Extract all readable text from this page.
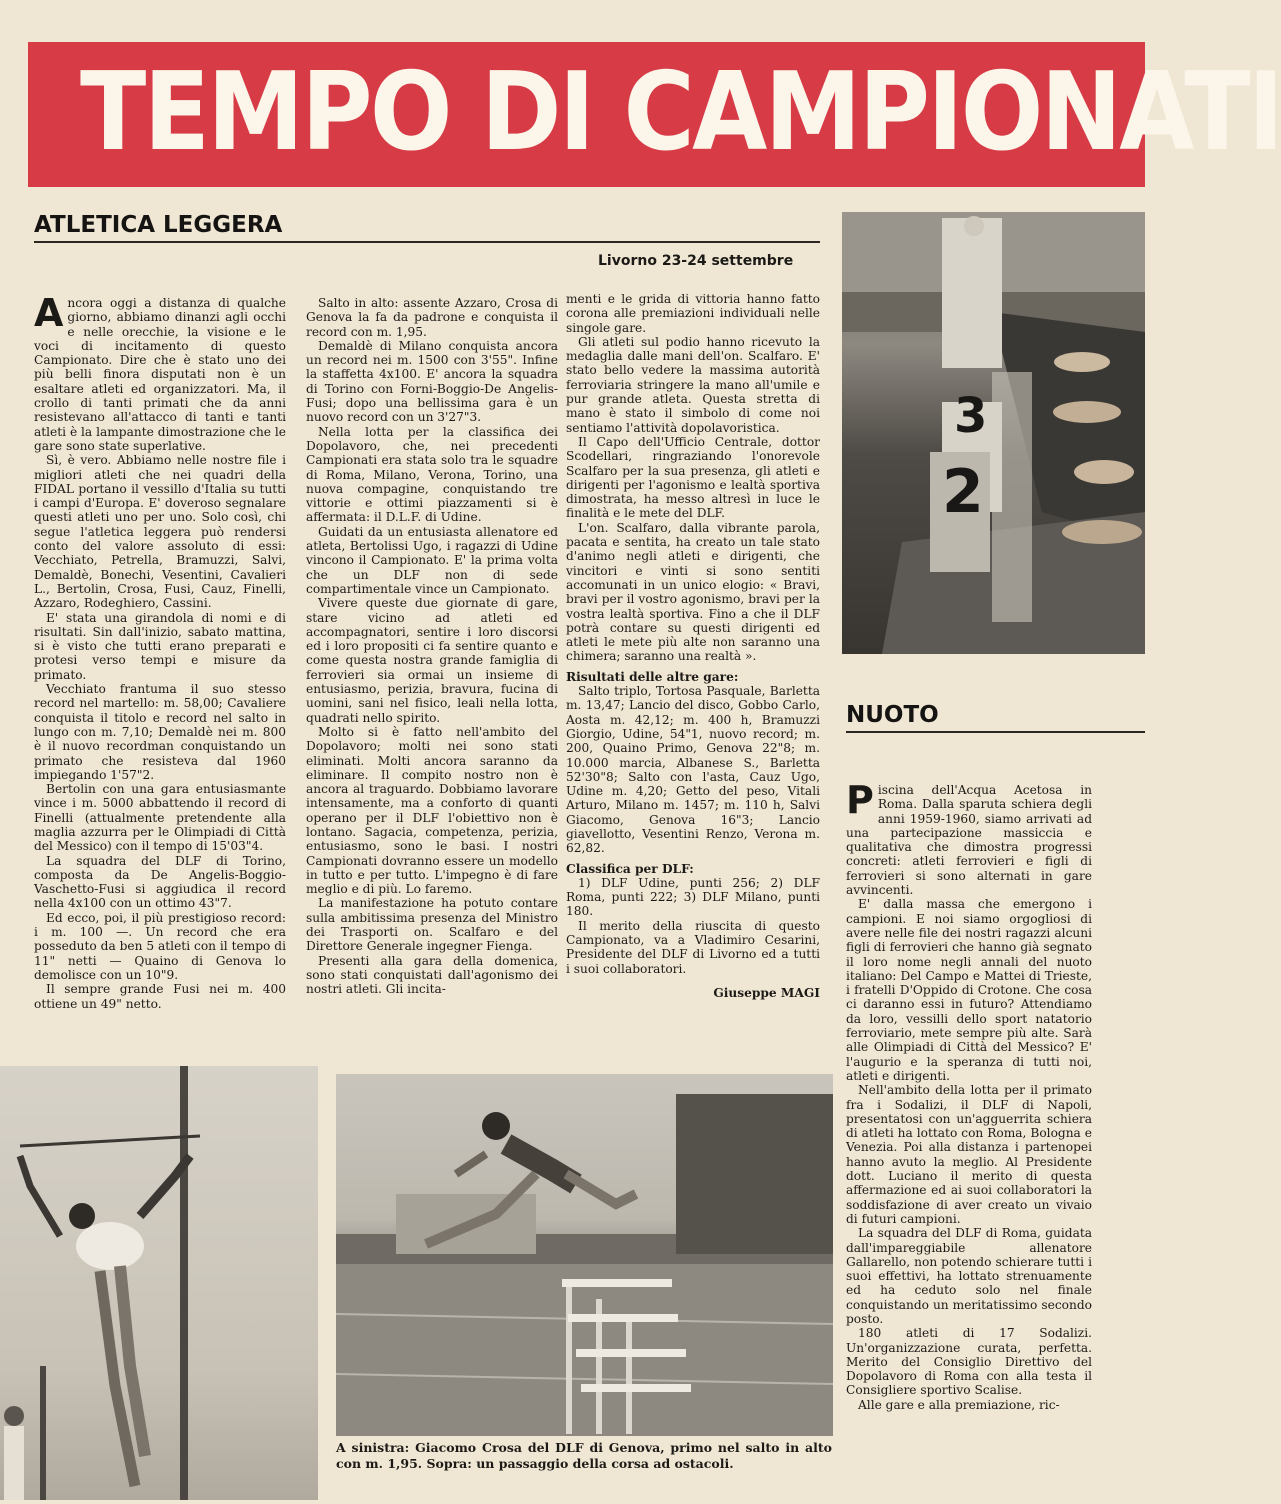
TEMPO DI CAMPIONATI
ATLETICA LEGGERA
Livorno 23-24 settembre

Ancora oggi a distanza di qualche giorno, abbiamo dinanzi agli occhi e nelle orecchie, la visione e le voci di incitamento di questo Campionato. Dire che è stato uno dei più belli finora disputati non è un esaltare atleti ed organizzatori. Ma, il crollo di tanti primati che da anni resistevano all'attacco di tanti e tanti atleti è la lampante dimostrazione che le gare sono state superlative.

Sì, è vero. Abbiamo nelle nostre file i migliori atleti che nei quadri della FIDAL portano il vessillo d'Italia su tutti i campi d'Europa. E' doveroso segnalare questi atleti uno per uno. Solo così, chi segue l'atletica leggera può rendersi conto del valore assoluto di essi: Vecchiato, Petrella, Bramuzzi, Salvi, Demaldè, Bonechi, Vesentini, Cavalieri L., Bertolin, Crosa, Fusi, Cauz, Finelli, Azzaro, Rodeghiero, Cassini.

E' stata una girandola di nomi e di risultati. Sin dall'inizio, sabato mattina, si è visto che tutti erano preparati e protesi verso tempi e misure da primato.

Vecchiato frantuma il suo stesso record nel martello: m. 58,00; Cavaliere conquista il titolo e record nel salto in lungo con m. 7,10; Demaldè nei m. 800 è il nuovo recordman conquistando un primato che resisteva dal 1960 impiegando 1'57"2.

Bertolin con una gara entusiasmante vince i m. 5000 abbattendo il record di Finelli (attualmente pretendente alla maglia azzurra per le Olimpiadi di Città del Messico) con il tempo di 15'03"4.

La squadra del DLF di Torino, composta da De Angelis-Boggio-Vaschetto-Fusi si aggiudica il record nella 4x100 con un ottimo 43"7.

Ed ecco, poi, il più prestigioso record: i m. 100 —. Un record che era posseduto da ben 5 atleti con il tempo di 11" netti — Quaino di Genova lo demolisce con un 10"9.

Il sempre grande Fusi nei m. 400 ottiene un 49" netto.

Salto in alto: assente Azzaro, Crosa di Genova la fa da padrone e conquista il record con m. 1,95.

Demaldè di Milano conquista ancora un record nei m. 1500 con 3'55". Infine la staffetta 4x100. E' ancora la squadra di Torino con Forni-Boggio-De Angelis-Fusi; dopo una bellissima gara è un nuovo record con un 3'27"3.

Nella lotta per la classifica dei Dopolavoro, che, nei precedenti Campionati era stata solo tra le squadre di Roma, Milano, Verona, Torino, una nuova compagine, conquistando tre vittorie e ottimi piazzamenti si è affermata: il D.L.F. di Udine.

Guidati da un entusiasta allenatore ed atleta, Bertolissi Ugo, i ragazzi di Udine vincono il Campionato. E' la prima volta che un DLF non di sede compartimentale vince un Campionato.

Vivere queste due giornate di gare, stare vicino ad atleti ed accompagnatori, sentire i loro discorsi ed i loro propositi ci fa sentire quanto e come questa nostra grande famiglia di ferrovieri sia ormai un insieme di entusiasmo, perizia, bravura, fucina di uomini, sani nel fisico, leali nella lotta, quadrati nello spirito.

Molto si è fatto nell'ambito del Dopolavoro; molti nei sono stati eliminati. Molti ancora saranno da eliminare. Il compito nostro non è ancora al traguardo. Dobbiamo lavorare intensamente, ma a conforto di quanti operano per il DLF l'obiettivo non è lontano. Sagacia, competenza, perizia, entusiasmo, sono le basi. I nostri Campionati dovranno essere un modello in tutto e per tutto. L'impegno è di fare meglio e di più. Lo faremo.

La manifestazione ha potuto contare sulla ambitissima presenza del Ministro dei Trasporti on. Scalfaro e del Direttore Generale ingegner Fienga.

Presenti alla gara della domenica, sono stati conquistati dall'agonismo dei nostri atleti. Gli incita-

menti e le grida di vittoria hanno fatto corona alle premiazioni individuali nelle singole gare.

Gli atleti sul podio hanno ricevuto la medaglia dalle mani dell'on. Scalfaro. E' stato bello vedere la massima autorità ferroviaria stringere la mano all'umile e pur grande atleta. Questa stretta di mano è stato il simbolo di come noi sentiamo l'attività dopolavoristica.

Il Capo dell'Ufficio Centrale, dottor Scodellari, ringraziando l'onorevole Scalfaro per la sua presenza, gli atleti e dirigenti per l'agonismo e lealtà sportiva dimostrata, ha messo altresì in luce le finalità e le mete del DLF.

L'on. Scalfaro, dalla vibrante parola, pacata e sentita, ha creato un tale stato d'animo negli atleti e dirigenti, che vincitori e vinti si sono sentiti accomunati in un unico elogio: « Bravi, bravi per il vostro agonismo, bravi per la vostra lealtà sportiva. Fino a che il DLF potrà contare su questi dirigenti ed atleti le mete più alte non saranno una chimera; saranno una realtà ».

Risultati delle altre gare:

Salto triplo, Tortosa Pasquale, Barletta m. 13,47; Lancio del disco, Gobbo Carlo, Aosta m. 42,12; m. 400 h, Bramuzzi Giorgio, Udine, 54"1, nuovo record; m. 200, Quaino Primo, Genova 22"8; m. 10.000 marcia, Albanese S., Barletta 52'30"8; Salto con l'asta, Cauz Ugo, Udine m. 4,20; Getto del peso, Vitali Arturo, Milano m. 1457; m. 110 h, Salvi Giacomo, Genova 16"3; Lancio giavellotto, Vesentini Renzo, Verona m. 62,82.

Classifica per DLF:

1) DLF Udine, punti 256; 2) DLF Roma, punti 222; 3) DLF Milano, punti 180.

Il merito della riuscita di questo Campionato, va a Vladimiro Cesarini, Presidente del DLF di Livorno ed a tutti i suoi collaboratori.

Giuseppe MAGI

3
2
NUOTO

Piscina dell'Acqua Acetosa in Roma. Dalla sparuta schiera degli anni 1959-1960, siamo arrivati ad una partecipazione massiccia e qualitativa che dimostra progressi concreti: atleti ferrovieri e figli di ferrovieri si sono alternati in gare avvincenti.

E' dalla massa che emergono i campioni. E noi siamo orgogliosi di avere nelle file dei nostri ragazzi alcuni figli di ferrovieri che hanno già segnato il loro nome negli annali del nuoto italiano: Del Campo e Mattei di Trieste, i fratelli D'Oppido di Crotone. Che cosa ci daranno essi in futuro? Attendiamo da loro, vessilli dello sport natatorio ferroviario, mete sempre più alte. Sarà alle Olimpiadi di Città del Messico? E' l'augurio e la speranza di tutti noi, atleti e dirigenti.

Nell'ambito della lotta per il primato fra i Sodalizi, il DLF di Napoli, presentatosi con un'agguerrita schiera di atleti ha lottato con Roma, Bologna e Venezia. Poi alla distanza i partenopei hanno avuto la meglio. Al Presidente dott. Luciano il merito di questa affermazione ed ai suoi collaboratori la soddisfazione di aver creato un vivaio di futuri campioni.

La squadra del DLF di Roma, guidata dall'impareggiabile allenatore Gallarello, non potendo schierare tutti i suoi effettivi, ha lottato strenuamente ed ha ceduto solo nel finale conquistando un meritatissimo secondo posto.

180 atleti di 17 Sodalizi. Un'organizzazione curata, perfetta. Merito del Consiglio Direttivo del Dopolavoro di Roma con alla testa il Consigliere sportivo Scalise.

Alle gare e alla premiazione, ric-

A sinistra: Giacomo Crosa del DLF di Genova, primo nel salto in alto con m. 1,95. Sopra: un passaggio della corsa ad ostacoli.
